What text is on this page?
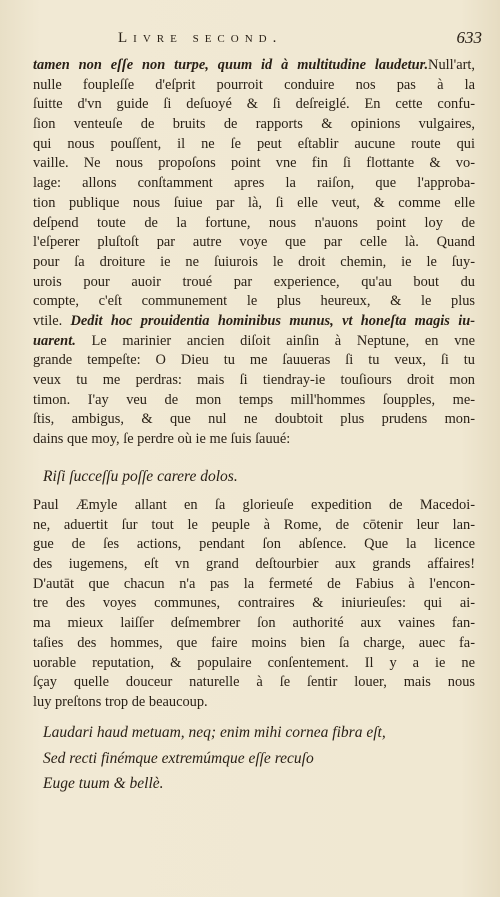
Livre second.	633
tamen non eſſe non turpe, quum id à multitudine laudetur.Null'art,
nulle foupleſſe d'eſprit pourroit conduire nos pas à la
ſuitte d'vn guide ſi deſuoyé & ſi deſreiglé. En cette confu-
ſion venteuſe de bruits de rapports & opinions vulgaires,
qui nous pouſſent, il ne ſe peut eſtablir aucune route qui
vaille. Ne nous propoſons point vne fin ſi flottante & vo-
lage: allons conſtamment apres la raiſon, que l'approba-
tion publique nous ſuiue par là, ſi elle veut, & comme elle
deſpend toute de la fortune, nous n'auons point loy de
l'eſperer pluſtoſt par autre voye que par celle là. Quand
pour ſa droiture ie ne ſuiurois le droit chemin, ie le ſuy-
urois pour auoir troué par experience, qu'au bout du
compte, c'eſt communement le plus heureux, & le plus
vtile. Dedit hoc prouidentia hominibus munus, vt honeſta magis iu-
uarent. Le marinier ancien diſoit ainſin à Neptune, en vne
grande tempeſte: O Dieu tu me ſauueras ſi tu veux, ſi tu
veux tu me perdras: mais ſi tiendray-ie touſiours droit mon
timon. I'ay veu de mon temps mill'hommes ſoupples, me-
ſtis, ambigus, & que nul ne doubtoit plus prudens mon-
dains que moy, ſe perdre où ie me ſuis ſauué:
Riſi ſucceſſu poſſe carere dolos.
Paul Æmyle allant en ſa glorieuſe expedition de Macedoi-
ne, aduertit ſur tout le peuple à Rome, de cōtenir leur lan-
gue de ſes actions, pendant ſon abſence. Que la licence
des iugemens, eſt vn grand deſtourbier aux grands affaires!
D'autāt que chacun n'a pas la fermeté de Fabius à l'encon-
tre des voyes communes, contraires & iniurieuſes: qui ai-
ma mieux laiſſer deſmembrer ſon authorité aux vaines fan-
taſies des hommes, que faire moins bien ſa charge, auec fa-
uorable reputation, & populaire conſentement. Il y a ie ne
ſçay quelle douceur naturelle à ſe ſentir louer, mais nous
luy preſtons trop de beaucoup.
Laudari haud metuam, neq; enim mihi cornea fibra eſt,
Sed recti finémque extremúmque eſſe recuſo
Euge tuum & bellè.
